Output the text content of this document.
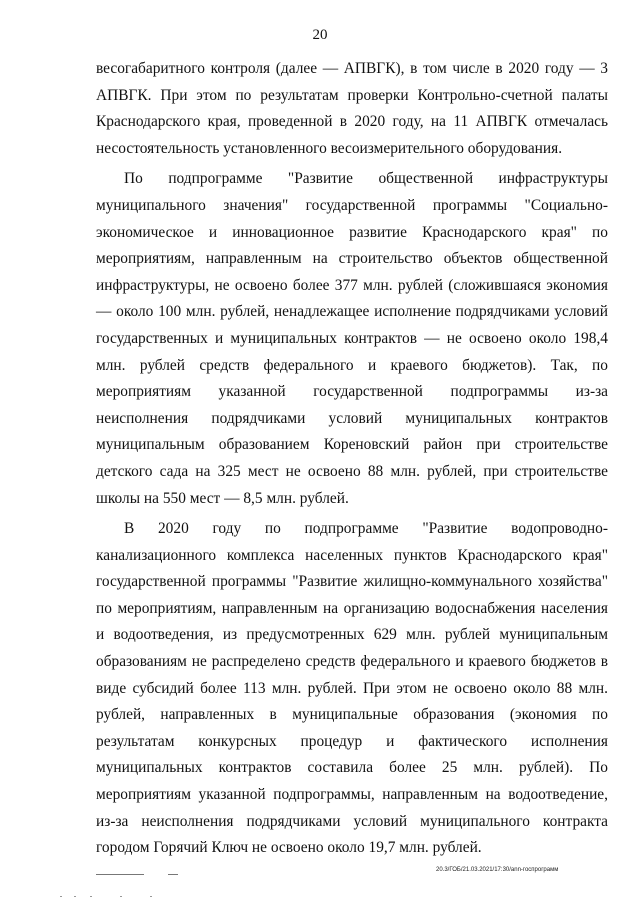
20

весогабаритного контроля (далее — АПВГК), в том числе в 2020 году — 3 АПВГК. При этом по результатам проверки Контрольно-счетной палаты Краснодарского края, проведенной в 2020 году, на 11 АПВГК отмечалась несостоятельность установленного весоизмерительного оборудования.

По подпрограмме "Развитие общественной инфраструктуры муниципального значения" государственной программы "Социально-экономическое и инновационное развитие Краснодарского края" по мероприятиям, направленным на строительство объектов общественной инфраструктуры, не освоено более 377 млн. рублей (сложившаяся экономия — около 100 млн. рублей, ненадлежащее исполнение подрядчиками условий государственных и муниципальных контрактов — не освоено около 198,4 млн. рублей средств федерального и краевого бюджетов). Так, по мероприятиям указанной государственной подпрограммы из-за неисполнения подрядчиками условий муниципальных контрактов муниципальным образованием Кореновский район при строительстве детского сада на 325 мест не освоено 88 млн. рублей, при строительстве школы на 550 мест — 8,5 млн. рублей.

В 2020 году по подпрограмме "Развитие водопроводно-канализационного комплекса населенных пунктов Краснодарского края" государственной программы "Развитие жилищно-коммунального хозяйства" по мероприятиям, направленным на организацию водоснабжения населения и водоотведения, из предусмотренных 629 млн. рублей муниципальным образованиям не распределено средств федерального и краевого бюджетов в виде субсидий более 113 млн. рублей. При этом не освоено около 88 млн. рублей, направленных в муниципальные образования (экономия по результатам конкурсных процедур и фактического исполнения муниципальных контрактов составила более 25 млн. рублей). По мероприятиям указанной подпрограммы, направленным на водоотведение, из-за неисполнения подрядчиками условий муниципального контракта городом Горячий Ключ не освоено около 19,7 млн. рублей.

20.3/ГОБ/21.03.2021/17:30/ann-госпрограмм
